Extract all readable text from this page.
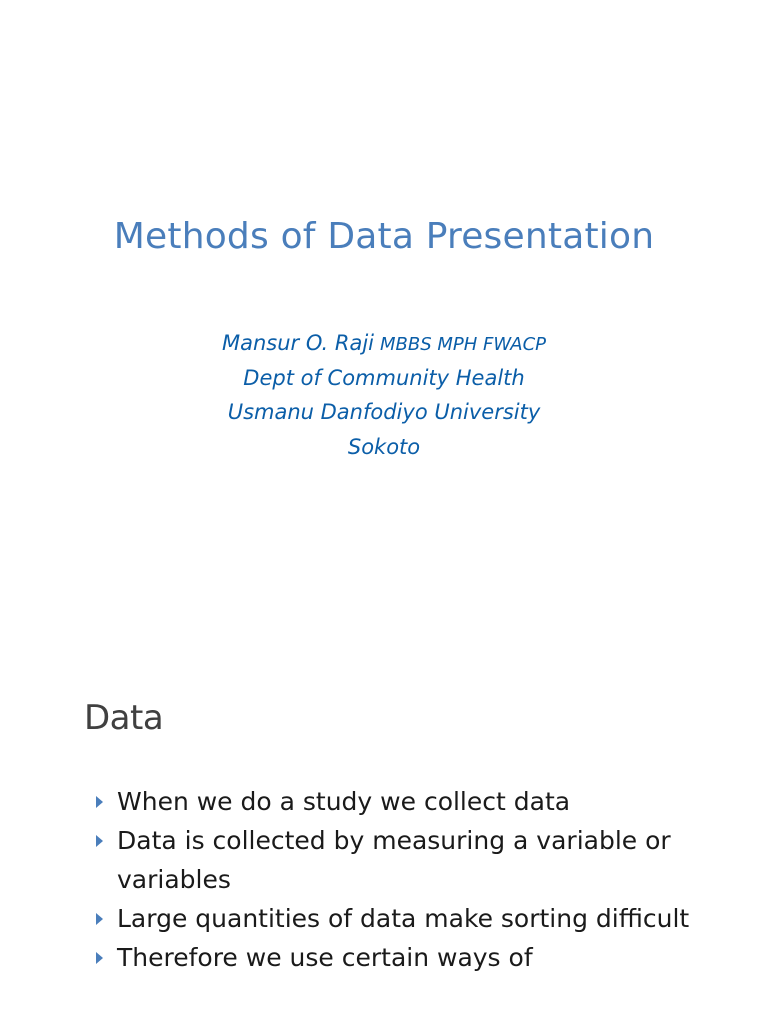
Methods of Data Presentation
Mansur O. Raji MBBS MPH FWACP
Dept of Community Health
Usmanu Danfodiyo University
Sokoto
Data
When we do a study we collect data
Data is collected by measuring a variable or variables
Large quantities of data make sorting difficult
Therefore we use certain ways of
